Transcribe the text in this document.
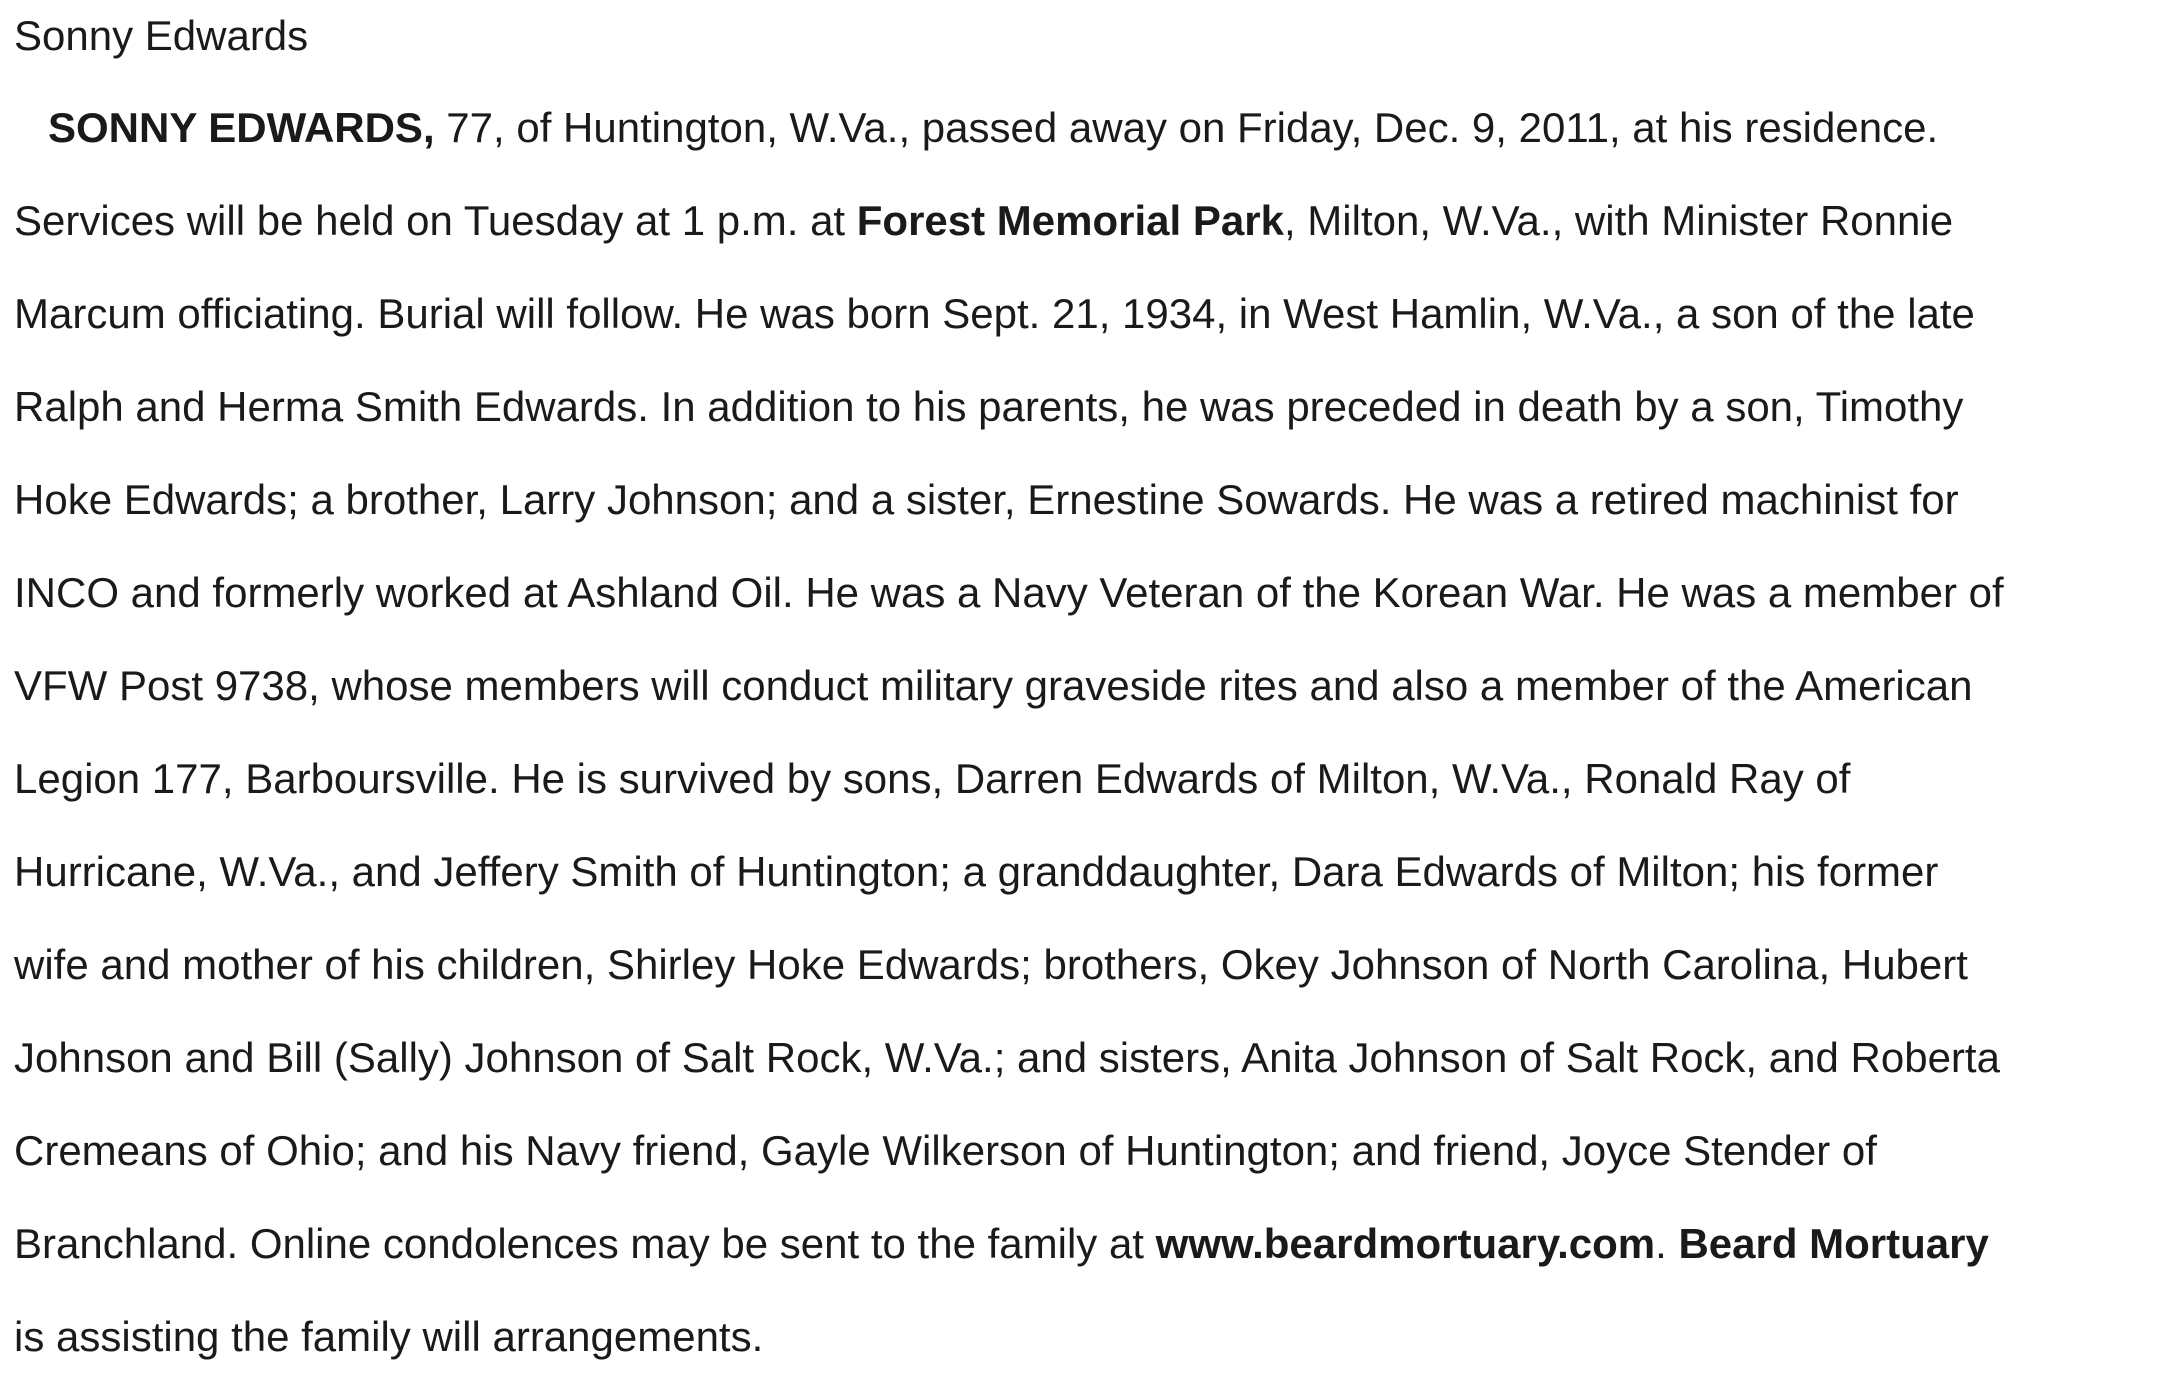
Sonny Edwards
SONNY EDWARDS, 77, of Huntington, W.Va., passed away on Friday, Dec. 9, 2011, at his residence.
Services will be held on Tuesday at 1 p.m. at Forest Memorial Park, Milton, W.Va., with Minister Ronnie
Marcum officiating. Burial will follow. He was born Sept. 21, 1934, in West Hamlin, W.Va., a son of the late
Ralph and Herma Smith Edwards. In addition to his parents, he was preceded in death by a son, Timothy
Hoke Edwards; a brother, Larry Johnson; and a sister, Ernestine Sowards. He was a retired machinist for
INCO and formerly worked at Ashland Oil. He was a Navy Veteran of the Korean War. He was a member of
VFW Post 9738, whose members will conduct military graveside rites and also a member of the American
Legion 177, Barboursville. He is survived by sons, Darren Edwards of Milton, W.Va., Ronald Ray of
Hurricane, W.Va., and Jeffery Smith of Huntington; a granddaughter, Dara Edwards of Milton; his former
wife and mother of his children, Shirley Hoke Edwards; brothers, Okey Johnson of North Carolina, Hubert
Johnson and Bill (Sally) Johnson of Salt Rock, W.Va.; and sisters, Anita Johnson of Salt Rock, and Roberta
Cremeans of Ohio; and his Navy friend, Gayle Wilkerson of Huntington; and friend, Joyce Stender of
Branchland. Online condolences may be sent to the family at www.beardmortuary.com. Beard Mortuary
is assisting the family will arrangements.
